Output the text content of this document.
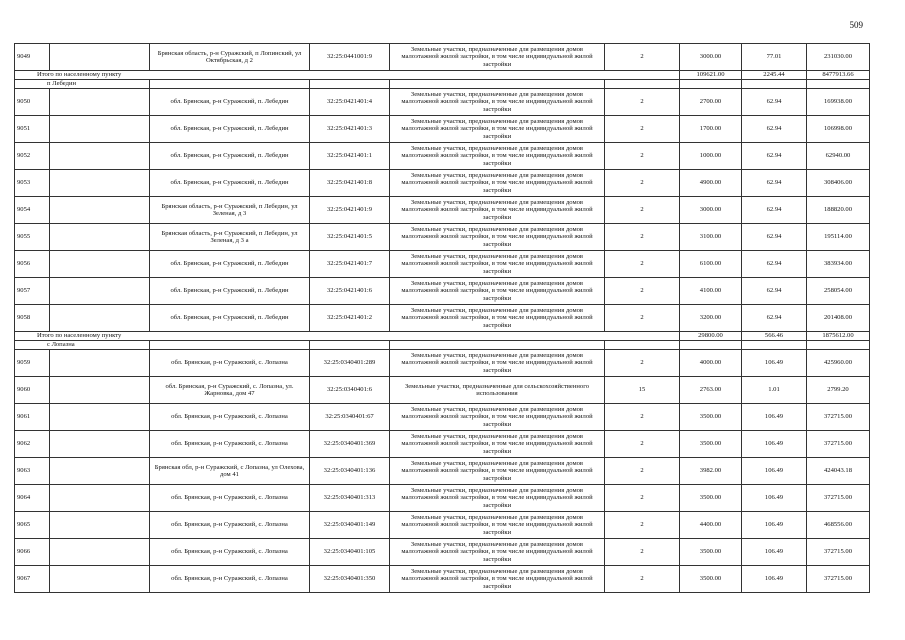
509
9049		Брянская область, р-н Суражский, п Лопинский, ул Октябрьская, д 2	32:25:0441001:9	Земельные участки, предназначенные для размещения домов малоэтажной жилой застройки, в том числе индивидуальной жилой застройки	2	3000.00	77.01	231030.00

Итого по населенному пункту						109621.00	2245.44	8477913.66

п Лебедин								

9050		обл. Брянская, р-н Суражский, п. Лебедин	32:25:0421401:4	Земельные участки, предназначенные для размещения домов малоэтажной жилой застройки, в том числе индивидуальной жилой застройки	2	2700.00	62.94	169938.00
9051		обл. Брянская, р-н Суражский, п. Лебедин	32:25:0421401:3	Земельные участки, предназначенные для размещения домов малоэтажной жилой застройки, в том числе индивидуальной жилой застройки	2	1700.00	62.94	106998.00
9052		обл. Брянская, р-н Суражский, п. Лебедин	32:25:0421401:1	Земельные участки, предназначенные для размещения домов малоэтажной жилой застройки, в том числе индивидуальной жилой застройки	2	1000.00	62.94	62940.00
9053		обл. Брянская, р-н Суражский, п. Лебедин	32:25:0421401:8	Земельные участки, предназначенные для размещения домов малоэтажной жилой застройки, в том числе индивидуальной жилой застройки	2	4900.00	62.94	308406.00
9054		Брянская область, р-н Суражский, п Лебедин, ул Зеленая, д 3	32:25:0421401:9	Земельные участки, предназначенные для размещения домов малоэтажной жилой застройки, в том числе индивидуальной жилой застройки	2	3000.00	62.94	188820.00
9055		Брянская область, р-н Суражский, п Лебедин, ул Зеленая, д 3 а	32:25:0421401:5	Земельные участки, предназначенные для размещения домов малоэтажной жилой застройки, в том числе индивидуальной жилой застройки	2	3100.00	62.94	195114.00
9056		обл. Брянская, р-н Суражский, п. Лебедин	32:25:0421401:7	Земельные участки, предназначенные для размещения домов малоэтажной жилой застройки, в том числе индивидуальной жилой застройки	2	6100.00	62.94	383934.00
9057		обл. Брянская, р-н Суражский, п. Лебедин	32:25:0421401:6	Земельные участки, предназначенные для размещения домов малоэтажной жилой застройки, в том числе индивидуальной жилой застройки	2	4100.00	62.94	258054.00
9058		обл. Брянская, р-н Суражский, п. Лебедин	32:25:0421401:2	Земельные участки, предназначенные для размещения домов малоэтажной жилой застройки, в том числе индивидуальной жилой застройки	2	3200.00	62.94	201408.00

Итого по населенному пункту						29800.00	566.46	1875612.00

с Лопазна								

9059		обл. Брянская, р-н Суражский, с. Лопазна	32:25:0340401:289	Земельные участки, предназначенные для размещения домов малоэтажной жилой застройки, в том числе индивидуальной жилой застройки	2	4000.00	106.49	425960.00
9060		обл. Брянская, р-н Суражский, с. Лопазна, ул. Жарновка, дом 47	32:25:0340401:6	Земельные участки, предназначенные для сельскохозяйственного использования	15	2763.00	1.01	2799.20
9061		обл. Брянская, р-н Суражский, с. Лопазна	32:25:0340401:67	Земельные участки, предназначенные для размещения домов малоэтажной жилой застройки, в том числе индивидуальной жилой застройки	2	3500.00	106.49	372715.00
9062		обл. Брянская, р-н Суражский, с. Лопазна	32:25:0340401:369	Земельные участки, предназначенные для размещения домов малоэтажной жилой застройки, в том числе индивидуальной жилой застройки	2	3500.00	106.49	372715.00
9063		Брянская обл, р-н Суражский, с Лопазна, ул Олехова, дом 41	32:25:0340401:136	Земельные участки, предназначенные для размещения домов малоэтажной жилой застройки, в том числе индивидуальной жилой застройки	2	3982.00	106.49	424043.18
9064		обл. Брянская, р-н Суражский, с. Лопазна	32:25:0340401:313	Земельные участки, предназначенные для размещения домов малоэтажной жилой застройки, в том числе индивидуальной жилой застройки	2	3500.00	106.49	372715.00
9065		обл. Брянская, р-н Суражский, с. Лопазна	32:25:0340401:149	Земельные участки, предназначенные для размещения домов малоэтажной жилой застройки, в том числе индивидуальной жилой застройки	2	4400.00	106.49	468556.00
9066		обл. Брянская, р-н Суражский, с. Лопазна	32:25:0340401:105	Земельные участки, предназначенные для размещения домов малоэтажной жилой застройки, в том числе индивидуальной жилой застройки	2	3500.00	106.49	372715.00
9067		обл. Брянская, р-н Суражский, с. Лопазна	32:25:0340401:350	Земельные участки, предназначенные для размещения домов малоэтажной жилой застройки, в том числе индивидуальной жилой застройки	2	3500.00	106.49	372715.00
